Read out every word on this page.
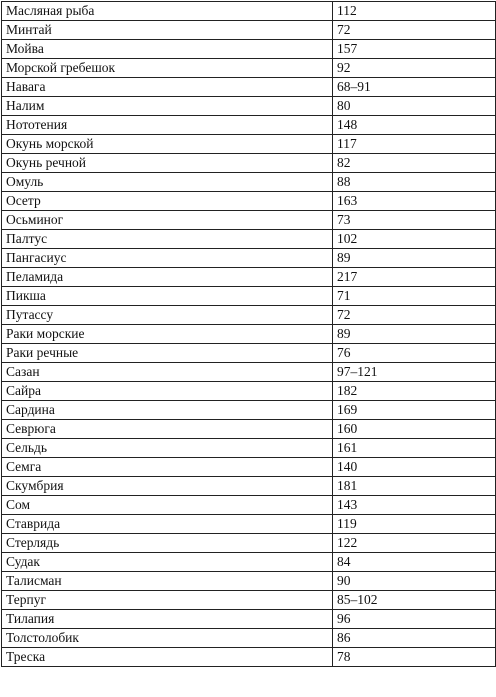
Масляная рыба	112
Минтай	72
Мойва	157
Морской гребешок	92
Навага	68–91
Налим	80
Нототения	148
Окунь морской	117
Окунь речной	82
Омуль	88
Осетр	163
Осьминог	73
Палтус	102
Пангасиус	89
Пеламида	217
Пикша	71
Путассу	72
Раки морские	89
Раки речные	76
Сазан	97–121
Сайра	182
Сардина	169
Севрюга	160
Сельдь	161
Семга	140
Скумбрия	181
Сом	143
Ставрида	119
Стерлядь	122
Судак	84
Талисман	90
Терпуг	85–102
Тилапия	96
Толстолобик	86
Треска	78
